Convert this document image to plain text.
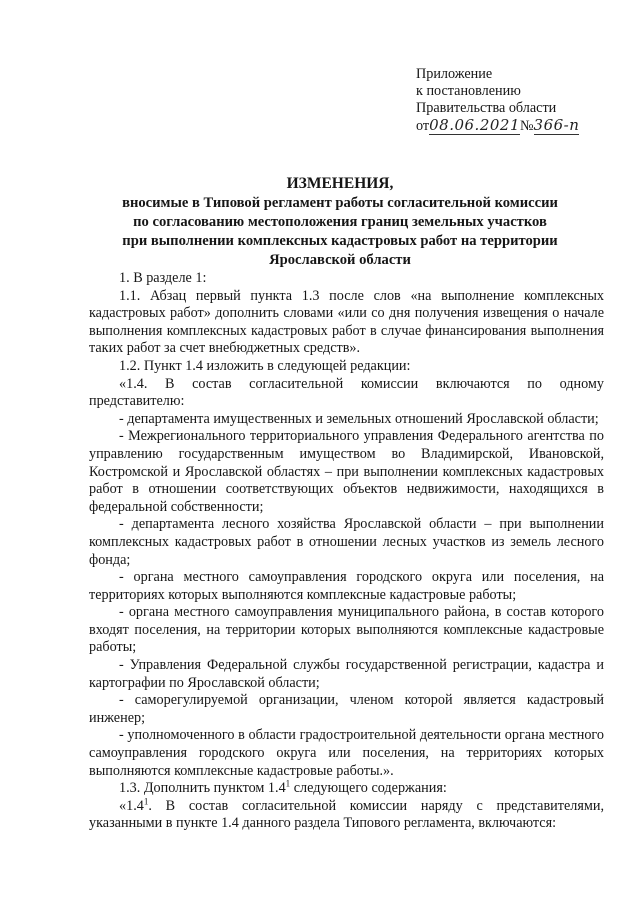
Приложение
к постановлению
Правительства области
от08.06.2021№366-п
ИЗМЕНЕНИЯ,
вносимые в Типовой регламент работы согласительной комиссии
по согласованию местоположения границ земельных участков
при выполнении комплексных кадастровых работ на территории
Ярославской области

1. В разделе 1:

1.1. Абзац первый пункта 1.3 после слов «на выполнение комплексных кадастровых работ» дополнить словами «или со дня получения извещения о начале выполнения комплексных кадастровых работ в случае финансирования выполнения таких работ за счет внебюджетных средств».

1.2. Пункт 1.4 изложить в следующей редакции:

«1.4. В состав согласительной комиссии включаются по одному представителю:

- департамента имущественных и земельных отношений Ярославской области;

- Межрегионального территориального управления Федерального агентства по управлению государственным имуществом во Владимирской, Ивановской, Костромской и Ярославской областях – при выполнении комплексных кадастровых работ в отношении соответствующих объектов недвижимости, находящихся в федеральной собственности;

- департамента лесного хозяйства Ярославской области – при выполнении комплексных кадастровых работ в отношении лесных участков из земель лесного фонда;

- органа местного самоуправления городского округа или поселения, на территориях которых выполняются комплексные кадастровые работы;

- органа местного самоуправления муниципального района, в состав которого входят поселения, на территории которых выполняются комплексные кадастровые работы;

- Управления Федеральной службы государственной регистрации, кадастра и картографии по Ярославской области;

- саморегулируемой организации, членом которой является кадастровый инженер;

- уполномоченного в области градостроительной деятельности органа местного самоуправления городского округа или поселения, на территориях которых выполняются комплексные кадастровые работы.».

1.3. Дополнить пунктом $1.4^1$ следующего содержания:

«$1.4^1$. В состав согласительной комиссии наряду с представителями, указанными в пункте 1.4 данного раздела Типового регламента, включаются:
